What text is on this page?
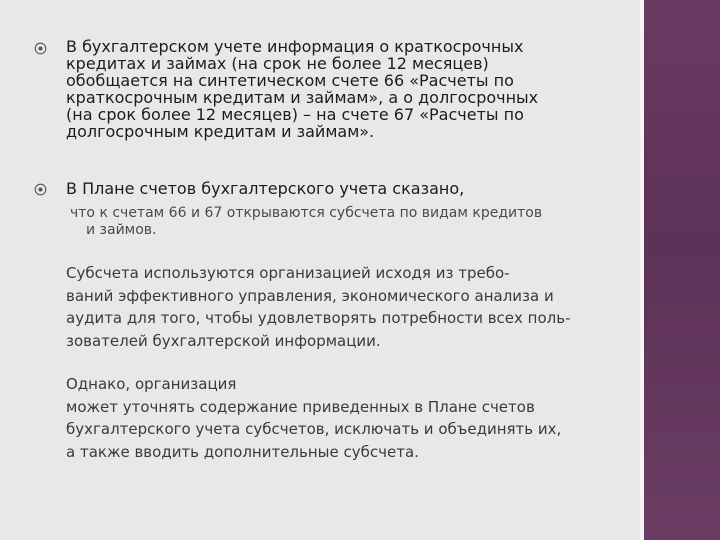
В бухгалтерском учете информация о краткосрочных
кредитах и займах (на срок не более 12 месяцев)
обобщается на синтетическом счете 66 «Расчеты по
краткосрочным кредитам и займам», а о долгосрочных
(на срок более 12 месяцев) – на счете 67 «Расчеты по
долгосрочным кредитам и займам».
В Плане счетов бухгалтерского учета сказано,
что к счетам 66 и 67 открываются субсчета по видам кредитов
и займов.
Субсчета используются организацией исходя из требо-
ваний эффективного управления, экономического анализа и
аудита для того, чтобы удовлетворять потребности всех поль-
зователей бухгалтерской информации.
Однако, организация
может уточнять содержание приведенных в Плане счетов
бухгалтерского учета субсчетов, исключать и объединять их,
а также вводить дополнительные субсчета.
